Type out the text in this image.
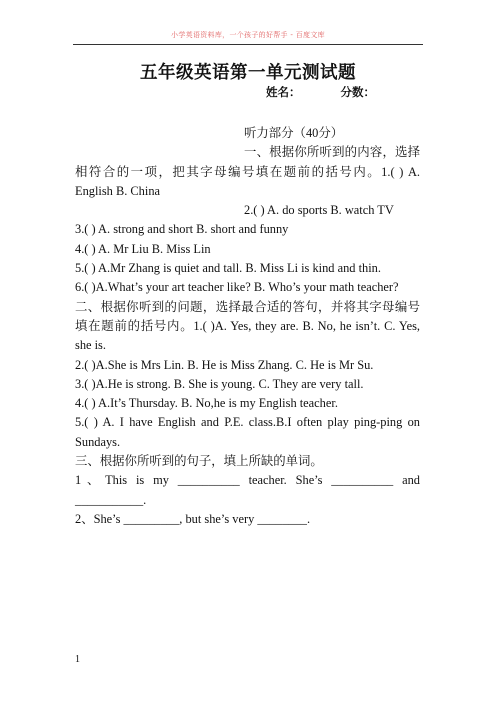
小学英语资料库，一个孩子的好帮手 - 百度文库
五年级英语第一单元测试题
姓名：	分数：

听力部分（40分）

一、根据你所听到的内容，选择相符合的一项，把其字母编号填在题前的括号内。1.( ) A. English B. China

2.( ) A. do sports B. watch TV

3.( ) A. strong and short B. short and funny

4.( ) A. Mr Liu B. Miss Lin

5.( ) A.Mr Zhang is quiet and tall. B. Miss Li is kind and thin.

6.( )A.What’s your art teacher like? B. Who’s your math teacher?

二、根据你听到的问题，选择最合适的答句，并将其字母编号填在题前的括号内。1.( )A. Yes, they are. B. No, he isn’t. C. Yes, she is.

2.( )A.She is Mrs Lin. B. He is Miss Zhang. C. He is Mr Su.

3.( )A.He is strong. B. She is young. C. They are very tall.

4.( ) A.It’s Thursday. B. No,he is my English teacher.

5.( ) A. I have English and P.E. class.B.I often play ping-ping on Sundays.

三、根据你所听到的句子，填上所缺的单词。

1、This is my __________ teacher. She’s __________ and ___________.

2、She’s _________, but she’s very ________.

1
